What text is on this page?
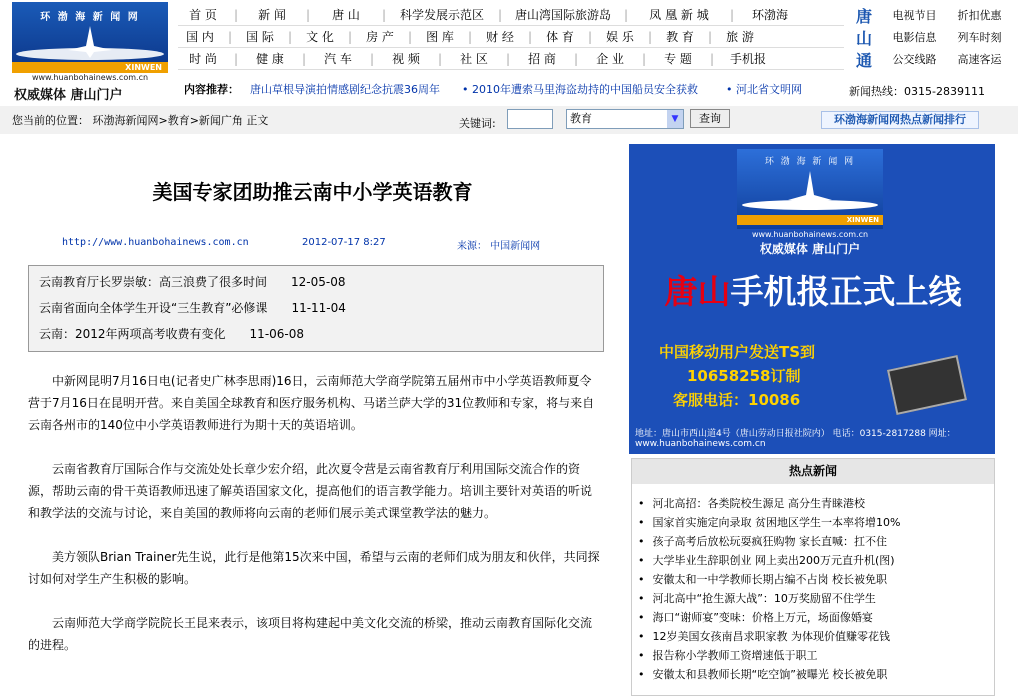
环 渤 海 新 闻 网
XINWEN
www.huanbohainews.com.cn
权威媒体 唐山门户
首 页	|	新 闻	|	唐 山	|	科学发展示范区	|	唐山湾国际旅游岛	|	凤 凰 新 城	|	环渤海
国 内	|	国 际	|	文 化	|	房 产	|	图 库	|	财 经	|	体 育	|	娱 乐	|	教 育	|	旅 游
时 尚	|	健 康	|	汽 车	|	视 频	|	社 区	|	招 商	|	企 业	|	专 题	|	手机报
唐
山
通
电视节目	折扣优惠
电影信息	列车时刻
公交线路	高速客运
内容推荐： 唐山草根导演拍情感剧纪念抗震36周年 • 2010年遭索马里海盗劫持的中国船员安全获救	• 河北省文明网	新闻热线：0315-2839111
您当前的位置： 环渤海新闻网>教育>新闻广角 正文	关键词:	教育	▼	查询	环渤海新闻网热点新闻排行
美国专家团助推云南中小学英语教育
http://www.huanbohainews.com.cn	2012-07-17 8:27	来源： 中国新闻网
云南教育厅长罗崇敏：高三浪费了很多时间 12-05-08
云南省面向全体学生开设“三生教育”必修课 11-11-04
云南：2012年两项高考收费有变化 11-06-08

中新网昆明7月16日电(记者史广林李思雨)16日，云南师范大学商学院第五届州市中小学英语教师夏令营于7月16日在昆明开营。来自美国全球教育和医疗服务机构、马诺兰萨大学的31位教师和专家，将与来自云南各州市的140位中小学英语教师进行为期十天的英语培训。

云南省教育厅国际合作与交流处处长章少宏介绍，此次夏令营是云南省教育厅利用国际交流合作的资源，帮助云南的骨干英语教师迅速了解英语国家文化，提高他们的语言教学能力。培训主要针对英语的听说和教学法的交流与讨论，来自美国的教师将向云南的老师们展示美式课堂教学法的魅力。

美方领队Brian Trainer先生说，此行是他第15次来中国，希望与云南的老师们成为朋友和伙伴，共同探讨如何对学生产生积极的影响。

云南师范大学商学院院长王昆来表示，该项目将构建起中美文化交流的桥梁，推动云南教育国际化交流的进程。

环 渤 海 新 闻 网
XINWEN
www.huanbohainews.com.cn
权威媒体 唐山门户
唐山手机报正式上线
中国移动用户发送TS到
10658258订制
客服电话：10086
地址：唐山市西山道4号（唐山劳动日报社院内） 电话：0315-2817288 网址：www.huanbohainews.com.cn
热点新闻
• 河北高招：各类院校生源足 高分生青睐港校
• 国家首实施定向录取 贫困地区学生一本率将增10%
• 孩子高考后放松玩耍疯狂购物 家长直喊：扛不住
• 大学毕业生辞职创业 网上卖出200万元直升机(图)
• 安徽太和一中学教师长期占编不占岗 校长被免职
• 河北高中“抢生源大战”：10万奖励留不住学生
• 海口“谢师宴”变味：价格上万元，场面像婚宴
• 12岁美国女孩南昌求职家教 为体现价值赚零花钱
• 报告称小学教师工资增速低于职工
• 安徽太和县教师长期“吃空饷”被曝光 校长被免职
